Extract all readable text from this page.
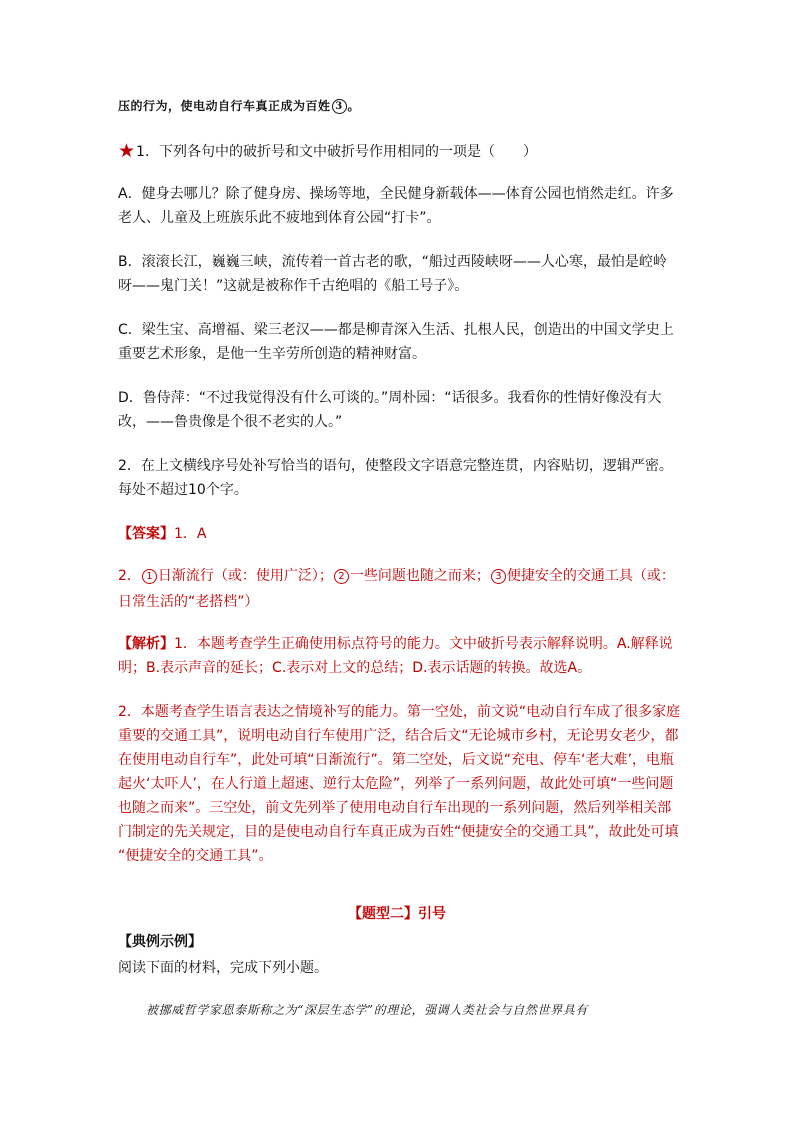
压的行为，使电动自行车真正成为百姓 3 。
★1．下列各句中的破折号和文中破折号作用相同的一项是（　　）
A．健身去哪儿？除了健身房、操场等地，全民健身新载体——体育公园也悄然走红。许多
老人、儿童及上班族乐此不疲地到体育公园“打卡”。
B．滚滚长江，巍巍三峡，流传着一首古老的歌，“船过西陵峡呀——人心寒，最怕是崆岭
呀——鬼门关！”这就是被称作千古绝唱的《船工号子》。
C．梁生宝、高增福、梁三老汉——都是柳青深入生活、扎根人民，创造出的中国文学史上
重要艺术形象，是他一生辛劳所创造的精神财富。
D．鲁侍萍：“不过我觉得没有什么可谈的。”周朴园：“话很多。我看你的性情好像没有大
改，——鲁贵像是个很不老实的人。”
2．在上文横线序号处补写恰当的语句，使整段文字语意完整连贯，内容贴切，逻辑严密。
每处不超过10个字。
【答案】1．A
2． 1 日渐流行（或：使用广泛）； 2 一些问题也随之而来； 3 便捷安全的交通工具（或：
日常生活的“老搭档”）
【解析】1．本题考查学生正确使用标点符号的能力。文中破折号表示解释说明。A.解释说
明；B.表示声音的延长；C.表示对上文的总结；D.表示话题的转换。故选A。
2．本题考查学生语言表达之情境补写的能力。第一空处，前文说“电动自行车成了很多家庭
重要的交通工具”，说明电动自行车使用广泛，结合后文“无论城市乡村，无论男女老少，都
在使用电动自行车”，此处可填“日渐流行”。第二空处，后文说“充电、停车‘老大难’，电瓶
起火‘太吓人’，在人行道上超速、逆行太危险”，列举了一系列问题，故此处可填“一些问题
也随之而来”。三空处，前文先列举了使用电动自行车出现的一系列问题，然后列举相关部
门制定的先关规定，目的是使电动自行车真正成为百姓“便捷安全的交通工具”，故此处可填
“便捷安全的交通工具”。
【题型二】引号
【典例示例】
阅读下面的材料，完成下列小题。
被挪威哲学家恩泰斯称之为“深层生态学”的理论，强调人类社会与自然世界具有
